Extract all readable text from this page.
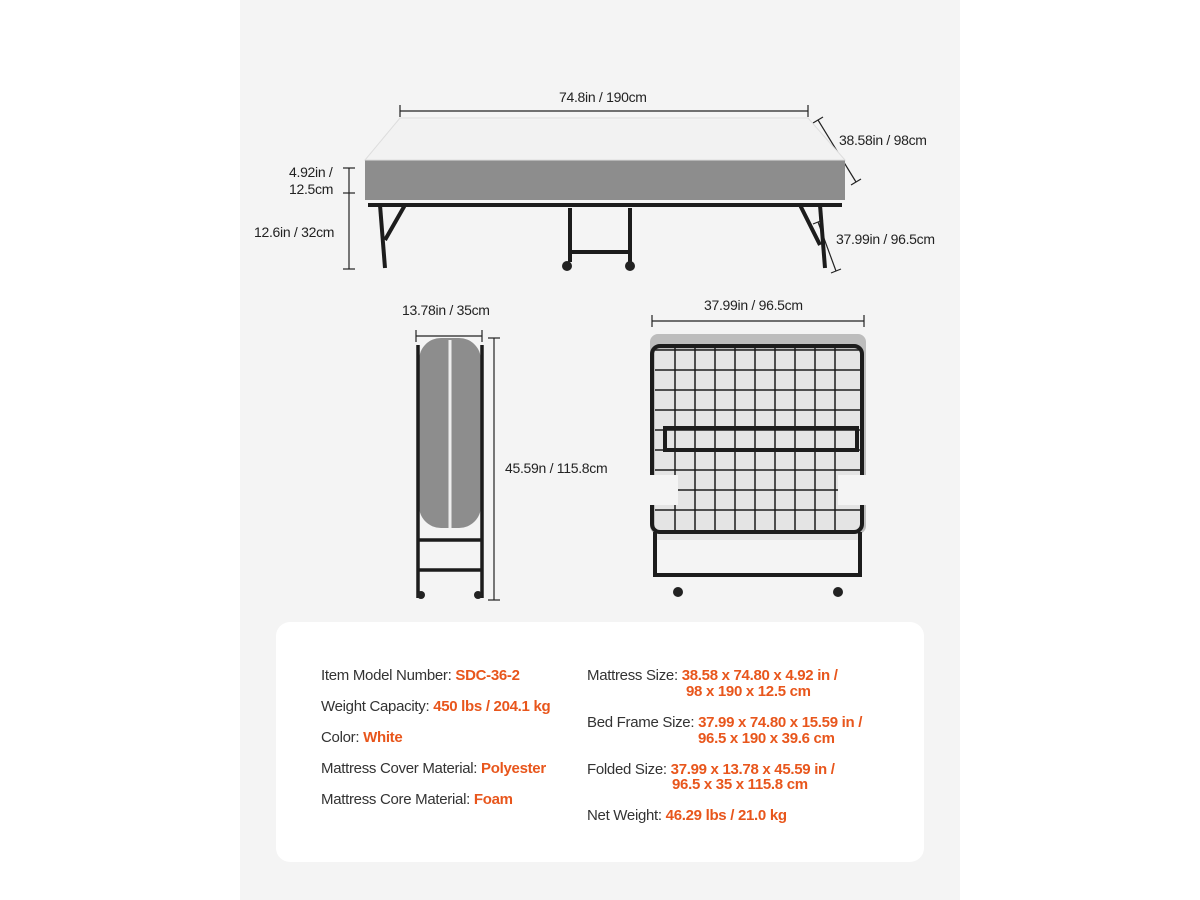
74.8in / 190cm
38.58in / 98cm
4.92in /
12.5cm
12.6in / 32cm	37.99in / 96.5cm
13.78in / 35cm
45.59n / 115.8cm
37.99in / 96.5cm
Item Model Number: SDC-36-2
Weight Capacity: 450 lbs / 204.1 kg
Color: White
Mattress Cover Material: Polyester
Mattress Core Material: Foam
Mattress Size: 38.58 x 74.80 x 4.92 in /
98 x 190 x 12.5 cm
Bed Frame Size: 37.99 x 74.80 x 15.59 in /
96.5 x 190 x 39.6 cm
Folded Size: 37.99 x 13.78 x 45.59 in /
96.5 x 35 x 115.8 cm
Net Weight: 46.29 lbs / 21.0 kg
